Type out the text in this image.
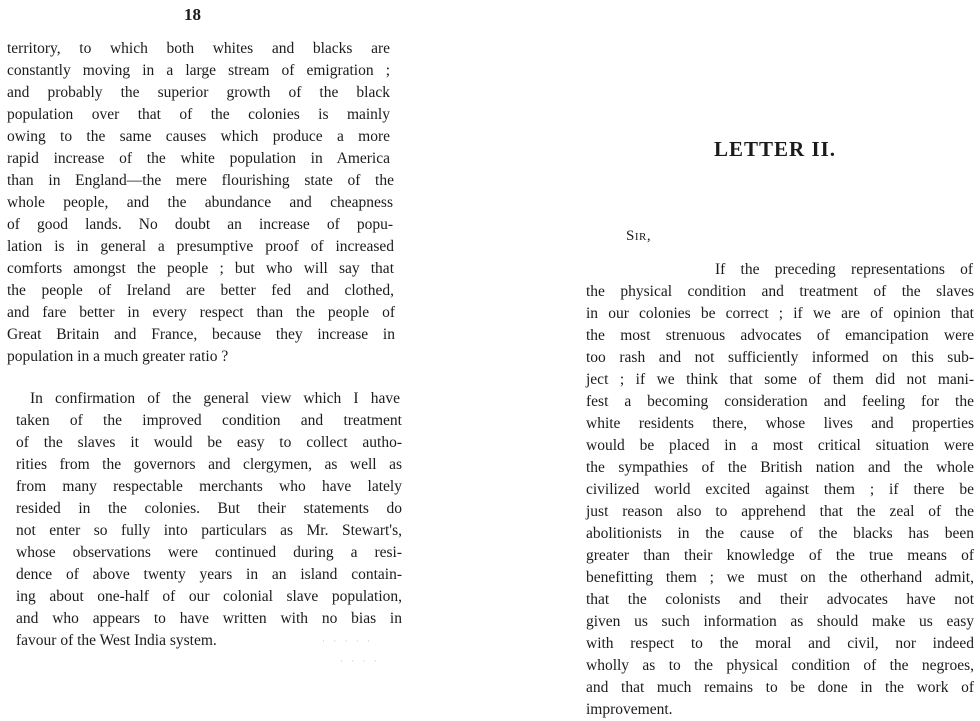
18
territory, to which both whites and blacks are
constantly moving in a large stream of emigration ;
and probably the superior growth of the black
population over that of the colonies is mainly
owing to the same causes which produce a more
rapid increase of the white population in America
than in England—the mere flourishing state of the
whole people, and the abundance and cheapness
of good lands. No doubt an increase of popu-
lation is in general a presumptive proof of increased
comforts amongst the people ; but who will say that
the people of Ireland are better fed and clothed,
and fare better in every respect than the people of
Great Britain and France, because they increase in
population in a much greater ratio ?
In confirmation of the general view which I have
taken of the improved condition and treatment
of the slaves it would be easy to collect autho-
rities from the governors and clergymen, as well as
from many respectable merchants who have lately
resided in the colonies. But their statements do
not enter so fully into particulars as Mr. Stewart's,
whose observations were continued during a resi-
dence of above twenty years in an island contain-
ing about one-half of our colonial slave population,
and who appears to have written with no bias in
favour of the West India system.	· · · · ·
· · · ·
LETTER II.
Sir,
If the preceding representations of
the physical condition and treatment of the slaves
in our colonies be correct ; if we are of opinion that
the most strenuous advocates of emancipation were
too rash and not sufficiently informed on this sub-
ject ; if we think that some of them did not mani-
fest a becoming consideration and feeling for the
white residents there, whose lives and properties
would be placed in a most critical situation were
the sympathies of the British nation and the whole
civilized world excited against them ; if there be
just reason also to apprehend that the zeal of the
abolitionists in the cause of the blacks has been
greater than their knowledge of the true means of
benefitting them ; we must on the otherhand admit,
that the colonists and their advocates have not
given us such information as should make us easy
with respect to the moral and civil, nor indeed
wholly as to the physical condition of the negroes,
and that much remains to be done in the work of
improvement.
